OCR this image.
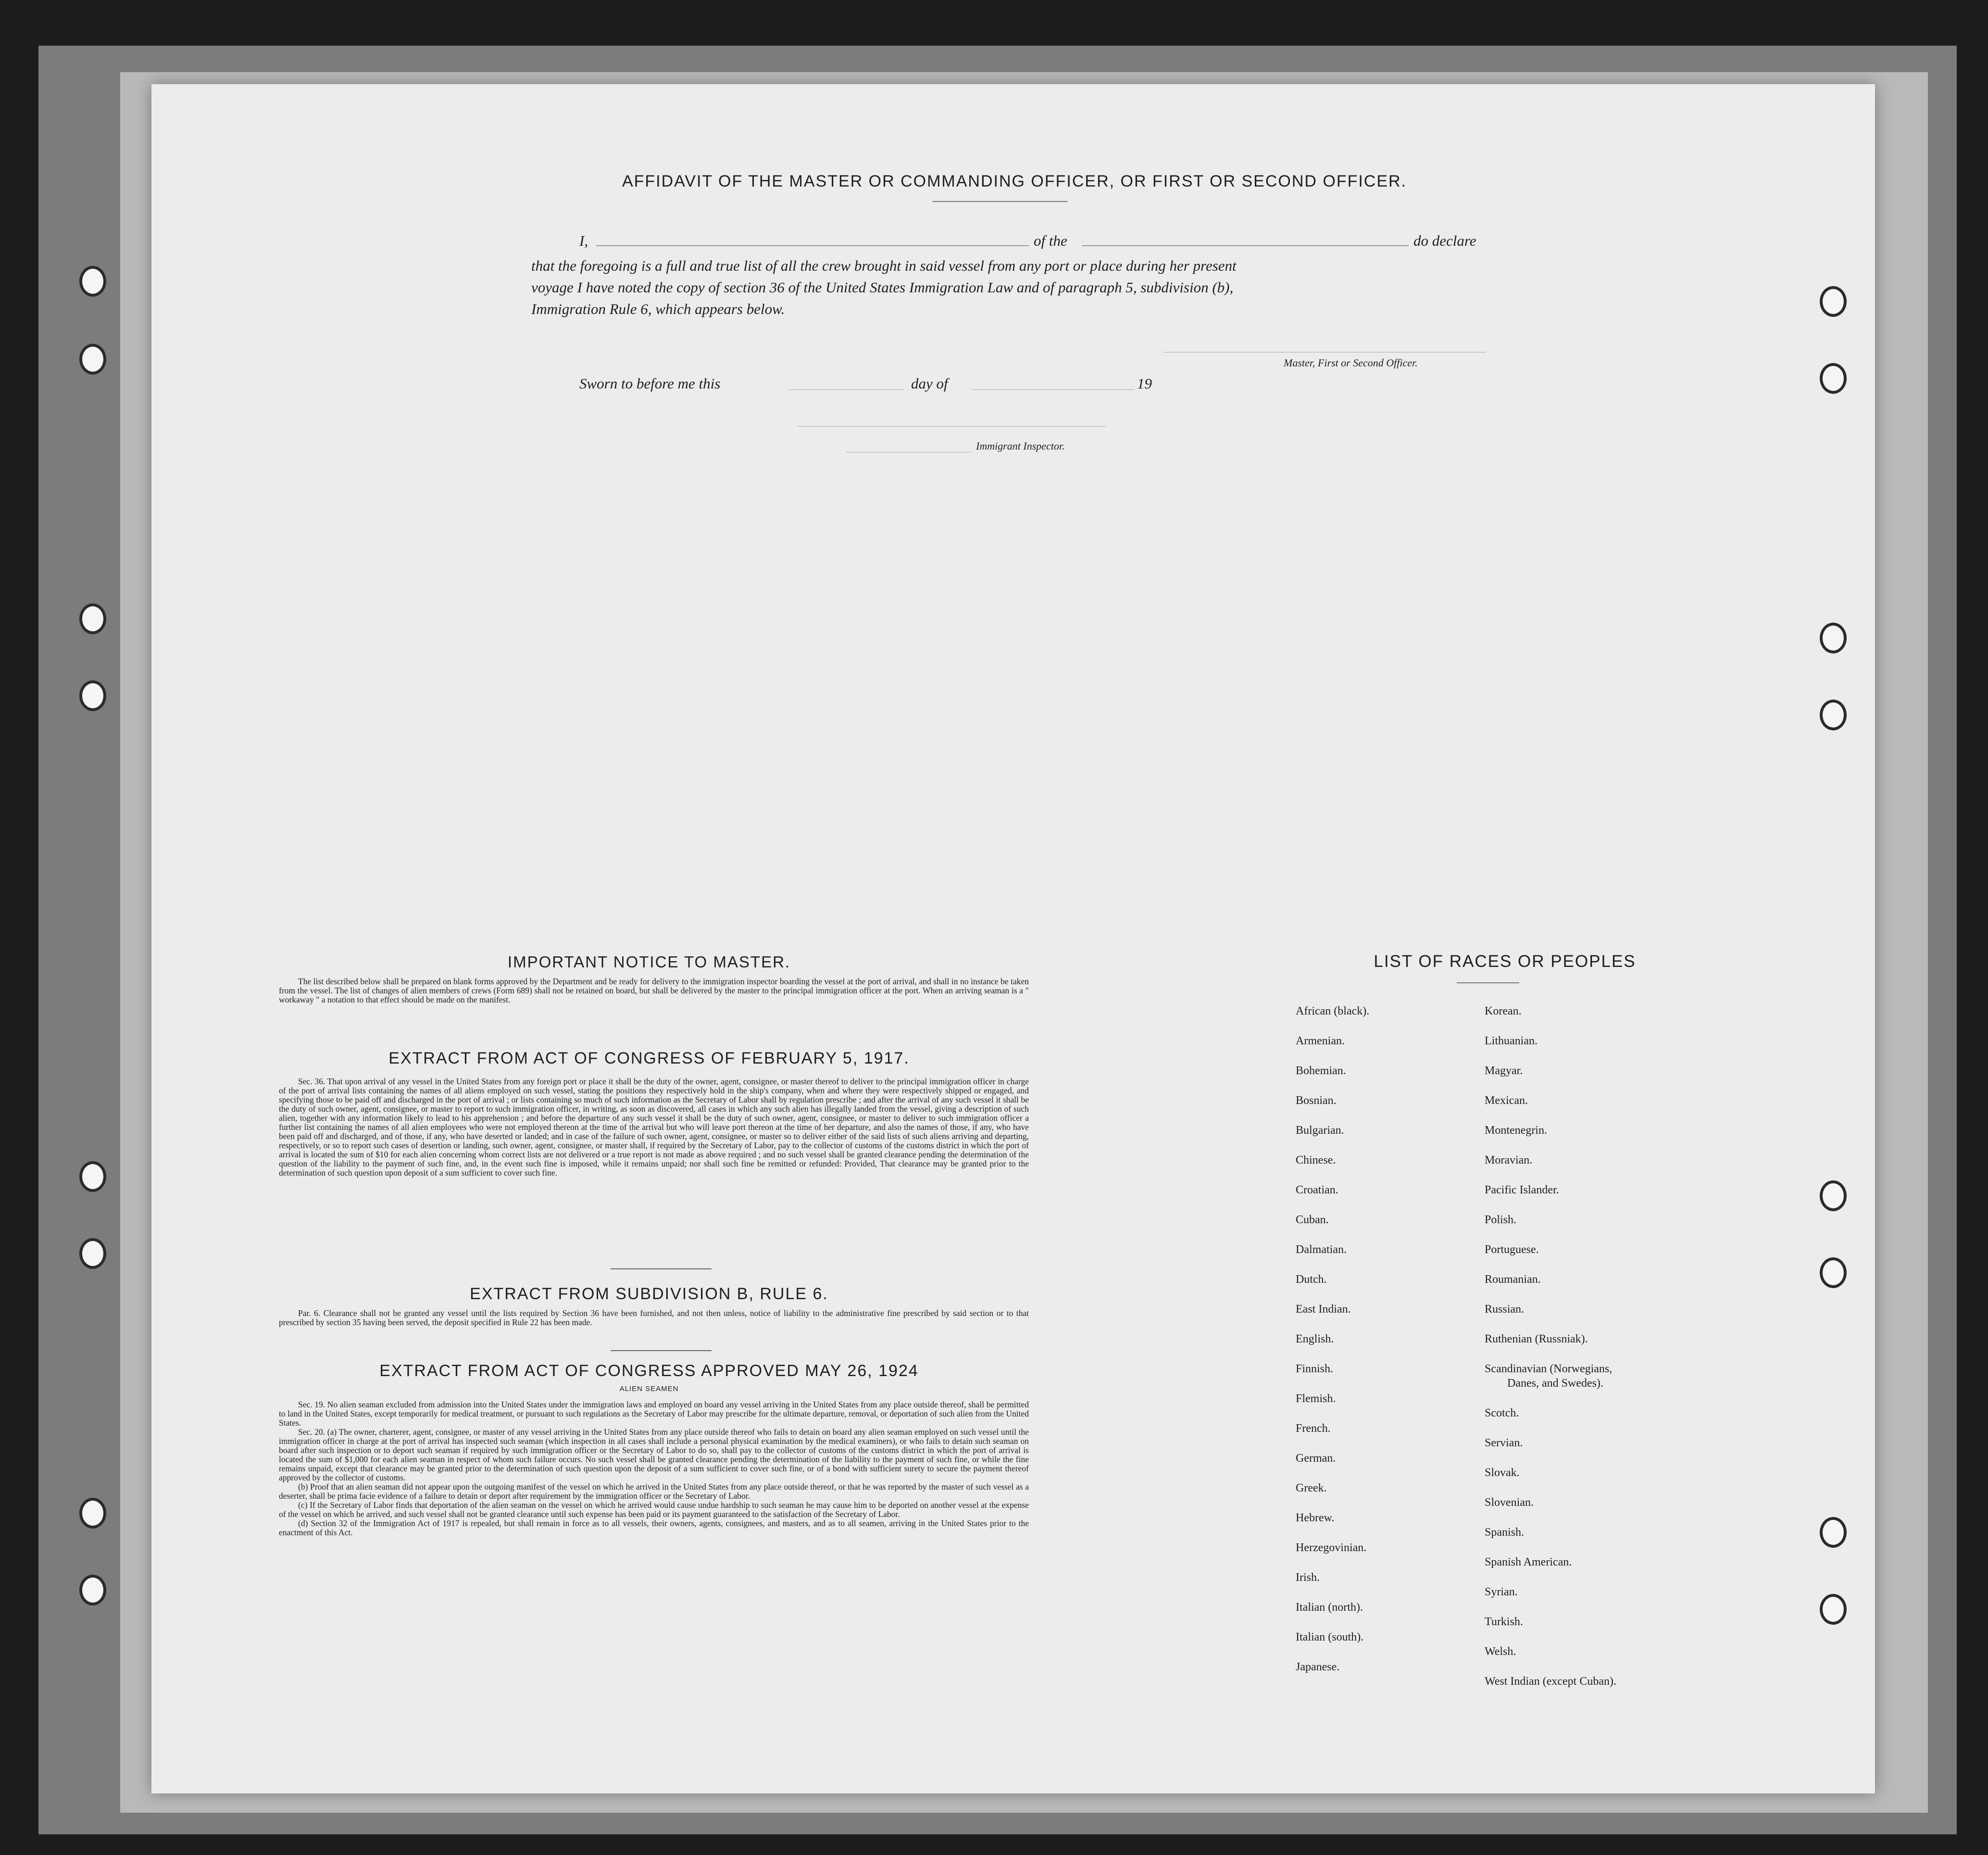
AFFIDAVIT OF THE MASTER OR COMMANDING OFFICER, OR FIRST OR SECOND OFFICER.
I,	of the	do declare
that the foregoing is a full and true list of all the crew brought in said vessel from any port or place during her present
voyage I have noted the copy of section 36 of the United States Immigration Law and of paragraph 5, subdivision (b),
Immigration Rule 6, which appears below.
Master, First or Second Officer.
Sworn to before me this	day of	19
Immigrant Inspector.
IMPORTANT NOTICE TO MASTER.

The list described below shall be prepared on blank forms approved by the Department and be ready for delivery to the immigration inspector boarding the vessel at the port of arrival, and shall in no instance be taken from the vessel. The list of changes of alien members of crews (Form 689) shall not be retained on board, but shall be delivered by the master to the principal immigration officer at the port. When an arriving seaman is a " workaway " a notation to that effect should be made on the manifest.

EXTRACT FROM ACT OF CONGRESS OF FEBRUARY 5, 1917.

Sec. 36. That upon arrival of any vessel in the United States from any foreign port or place it shall be the duty of the owner, agent, consignee, or master thereof to deliver to the principal immigration officer in charge of the port of arrival lists containing the names of all aliens employed on such vessel, stating the positions they respectively hold in the ship's company, when and where they were respectively shipped or engaged, and specifying those to be paid off and discharged in the port of arrival ; or lists containing so much of such information as the Secretary of Labor shall by regulation prescribe ; and after the arrival of any such vessel it shall be the duty of such owner, agent, consignee, or master to report to such immigration officer, in writing, as soon as discovered, all cases in which any such alien has illegally landed from the vessel, giving a description of such alien, together with any information likely to lead to his apprehension ; and before the departure of any such vessel it shall be the duty of such owner, agent, consignee, or master to deliver to such immigration officer a further list containing the names of all alien employees who were not employed thereon at the time of the arrival but who will leave port thereon at the time of her departure, and also the names of those, if any, who have been paid off and discharged, and of those, if any, who have deserted or landed; and in case of the failure of such owner, agent, consignee, or master so to deliver either of the said lists of such aliens arriving and departing, respectively, or so to report such cases of desertion or landing, such owner, agent, consignee, or master shall, if required by the Secretary of Labor, pay to the collector of customs of the customs district in which the port of arrival is located the sum of $10 for each alien concerning whom correct lists are not delivered or a true report is not made as above required ; and no such vessel shall be granted clearance pending the determination of the question of the liability to the payment of such fine, and, in the event such fine is imposed, while it remains unpaid; nor shall such fine be remitted or refunded: Provided, That clearance may be granted prior to the determination of such question upon deposit of a sum sufficient to cover such fine.

EXTRACT FROM SUBDIVISION B, RULE 6.

Par. 6. Clearance shall not be granted any vessel until the lists required by Section 36 have been furnished, and not then unless, notice of liability to the administrative fine prescribed by said section or to that prescribed by section 35 having been served, the deposit specified in Rule 22 has been made.

EXTRACT FROM ACT OF CONGRESS APPROVED MAY 26, 1924
ALIEN SEAMEN

Sec. 19. No alien seaman excluded from admission into the United States under the immigration laws and employed on board any vessel arriving in the United States from any place outside thereof, shall be permitted to land in the United States, except temporarily for medical treatment, or pursuant to such regulations as the Secretary of Labor may prescribe for the ultimate departure, removal, or deportation of such alien from the United States.

Sec. 20. (a) The owner, charterer, agent, consignee, or master of any vessel arriving in the United States from any place outside thereof who fails to detain on board any alien seaman employed on such vessel until the immigration officer in charge at the port of arrival has inspected such seaman (which inspection in all cases shall include a personal physical examination by the medical examiners), or who fails to detain such seaman on board after such inspection or to deport such seaman if required by such immigration officer or the Secretary of Labor to do so, shall pay to the collector of customs of the customs district in which the port of arrival is located the sum of $1,000 for each alien seaman in respect of whom such failure occurs. No such vessel shall be granted clearance pending the determination of the liability to the payment of such fine, or while the fine remains unpaid, except that clearance may be granted prior to the determination of such question upon the deposit of a sum sufficient to cover such fine, or of a bond with sufficient surety to secure the payment thereof approved by the collector of customs.

(b) Proof that an alien seaman did not appear upon the outgoing manifest of the vessel on which he arrived in the United States from any place outside thereof, or that he was reported by the master of such vessel as a deserter, shall be prima facie evidence of a failure to detain or deport after requirement by the immigration officer or the Secretary of Labor.

(c) If the Secretary of Labor finds that deportation of the alien seaman on the vessel on which he arrived would cause undue hardship to such seaman he may cause him to be deported on another vessel at the expense of the vessel on which he arrived, and such vessel shall not be granted clearance until such expense has been paid or its payment guaranteed to the satisfaction of the Secretary of Labor.

(d) Section 32 of the Immigration Act of 1917 is repealed, but shall remain in force as to all vessels, their owners, agents, consignees, and masters, and as to all seamen, arriving in the United States prior to the enactment of this Act.

LIST OF RACES OR PEOPLES
African (black).
Armenian.
Bohemian.
Bosnian.
Bulgarian.
Chinese.
Croatian.
Cuban.
Dalmatian.
Dutch.
East Indian.
English.
Finnish.
Flemish.
French.
German.
Greek.
Hebrew.
Herzegovinian.
Irish.
Italian (north).
Italian (south).
Japanese.
Korean.
Lithuanian.
Magyar.
Mexican.
Montenegrin.
Moravian.
Pacific Islander.
Polish.
Portuguese.
Roumanian.
Russian.
Ruthenian (Russniak).
Scandinavian (Norwegians,
Danes, and Swedes).
Scotch.
Servian.
Slovak.
Slovenian.
Spanish.
Spanish American.
Syrian.
Turkish.
Welsh.
West Indian (except Cuban).
